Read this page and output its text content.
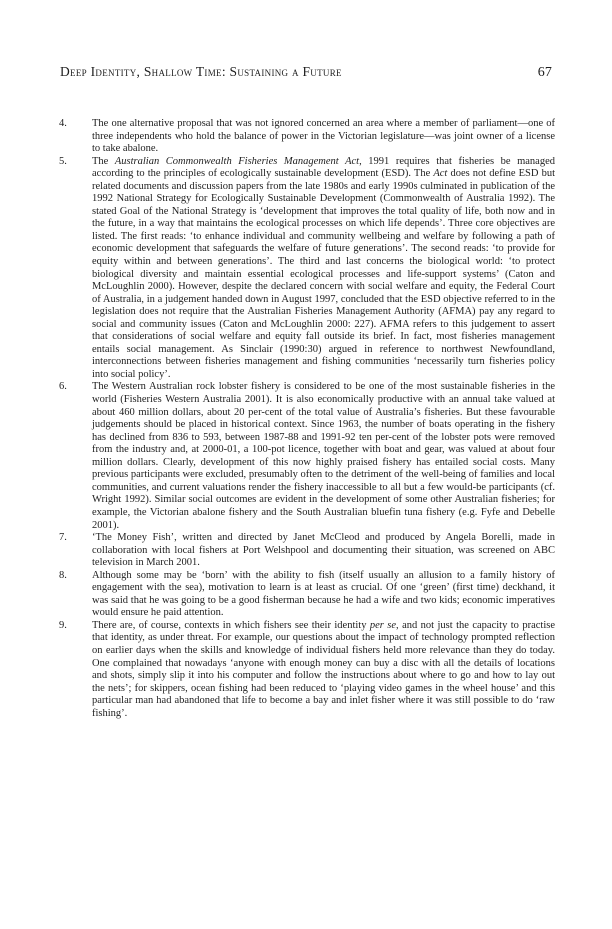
Deep Identity, Shallow Time: Sustaining a Future	67
4.	The one alternative proposal that was not ignored concerned an area where a member of parliament—one of three independents who hold the balance of power in the Victorian legislature—was joint owner of a license to take abalone.
5.	The Australian Commonwealth Fisheries Management Act, 1991 requires that fisheries be managed according to the principles of ecologically sustainable development (ESD). The Act does not define ESD but related documents and discussion papers from the late 1980s and early 1990s culminated in publication of the 1992 National Strategy for Ecologically Sustainable Development (Commonwealth of Australia 1992). The stated Goal of the National Strategy is ‘development that improves the total quality of life, both now and in the future, in a way that maintains the ecological processes on which life depends’. Three core objectives are listed. The first reads: ‘to enhance individual and community wellbeing and welfare by following a path of economic development that safeguards the welfare of future generations’. The second reads: ‘to provide for equity within and between generations’. The third and last concerns the biological world: ‘to protect biological diversity and maintain essential ecological processes and life-support systems’ (Caton and McLoughlin 2000). However, despite the declared concern with social welfare and equity, the Federal Court of Australia, in a judgement handed down in August 1997, concluded that the ESD objective referred to in the legislation does not require that the Australian Fisheries Management Authority (AFMA) pay any regard to social and community issues (Caton and McLoughlin 2000: 227). AFMA refers to this judgement to assert that considerations of social welfare and equity fall outside its brief. In fact, most fisheries management entails social management. As Sinclair (1990:30) argued in reference to northwest Newfoundland, interconnections between fisheries management and fishing communities ‘necessarily turn fisheries policy into social policy’.
6.	The Western Australian rock lobster fishery is considered to be one of the most sustainable fisheries in the world (Fisheries Western Australia 2001). It is also economically productive with an annual take valued at about 460 million dollars, about 20 per-cent of the total value of Australia’s fisheries. But these favourable judgements should be placed in historical context. Since 1963, the number of boats operating in the fishery has declined from 836 to 593, between 1987-88 and 1991-92 ten per-cent of the lobster pots were removed from the industry and, at 2000-01, a 100-pot licence, together with boat and gear, was valued at about four million dollars. Clearly, development of this now highly praised fishery has entailed social costs. Many previous participants were excluded, presumably often to the detriment of the well-being of families and local communities, and current valuations render the fishery inaccessible to all but a few would-be participants (cf. Wright 1992). Similar social outcomes are evident in the development of some other Australian fisheries; for example, the Victorian abalone fishery and the South Australian bluefin tuna fishery (e.g. Fyfe and Debelle 2001).
7.	‘The Money Fish’, written and directed by Janet McCleod and produced by Angela Borelli, made in collaboration with local fishers at Port Welshpool and documenting their situation, was screened on ABC television in March 2001.
8.	Although some may be ‘born’ with the ability to fish (itself usually an allusion to a family history of engagement with the sea), motivation to learn is at least as crucial. Of one ‘green’ (first time) deckhand, it was said that he was going to be a good fisherman because he had a wife and two kids; economic imperatives would ensure he paid attention.
9.	There are, of course, contexts in which fishers see their identity per se, and not just the capacity to practise that identity, as under threat. For example, our questions about the impact of technology prompted reflection on earlier days when the skills and knowledge of individual fishers held more relevance than they do today. One complained that nowadays ‘anyone with enough money can buy a disc with all the details of locations and shots, simply slip it into his computer and follow the instructions about where to go and how to lay out the nets’; for skippers, ocean fishing had been reduced to ‘playing video games in the wheel house’ and this particular man had abandoned that life to become a bay and inlet fisher where it was still possible to do ‘raw fishing’.
